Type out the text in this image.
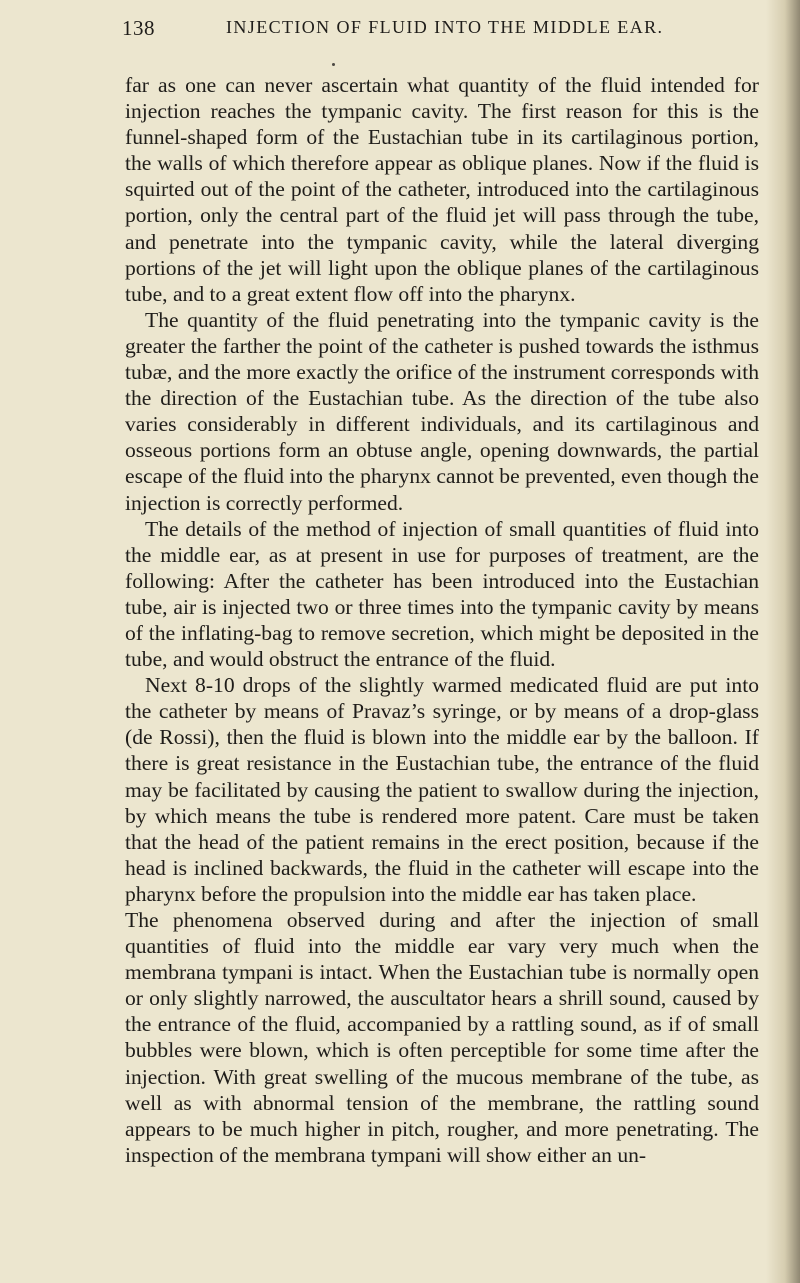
138	INJECTION OF FLUID INTO THE MIDDLE EAR.

far as one can never ascertain what quantity of the fluid intended for injection reaches the tympanic cavity. The first reason for this is the funnel-shaped form of the Eustachian tube in its cartilaginous portion, the walls of which therefore appear as oblique planes. Now if the fluid is squirted out of the point of the catheter, introduced into the cartilaginous portion, only the central part of the fluid jet will pass through the tube, and penetrate into the tympanic cavity, while the lateral diverging portions of the jet will light upon the oblique planes of the cartilaginous tube, and to a great extent flow off into the pharynx.

The quantity of the fluid penetrating into the tympanic cavity is the greater the farther the point of the catheter is pushed towards the isthmus tubæ, and the more exactly the orifice of the instrument corresponds with the direction of the Eustachian tube. As the direction of the tube also varies considerably in different individuals, and its cartilaginous and osseous portions form an obtuse angle, opening downwards, the partial escape of the fluid into the pharynx cannot be prevented, even though the injection is correctly performed.

The details of the method of injection of small quantities of fluid into the middle ear, as at present in use for purposes of treatment, are the following: After the catheter has been introduced into the Eustachian tube, air is injected two or three times into the tympanic cavity by means of the inflating-bag to remove secretion, which might be deposited in the tube, and would obstruct the entrance of the fluid.

Next 8-10 drops of the slightly warmed medicated fluid are put into the catheter by means of Pravaz’s syringe, or by means of a drop-glass (de Rossi), then the fluid is blown into the middle ear by the balloon. If there is great resistance in the Eustachian tube, the entrance of the fluid may be facilitated by causing the patient to swallow during the injection, by which means the tube is rendered more patent. Care must be taken that the head of the patient remains in the erect position, because if the head is inclined backwards, the fluid in the catheter will escape into the pharynx before the propulsion into the middle ear has taken place.

The phenomena observed during and after the injection of small quantities of fluid into the middle ear vary very much when the membrana tympani is intact. When the Eustachian tube is normally open or only slightly narrowed, the auscultator hears a shrill sound, caused by the entrance of the fluid, accompanied by a rattling sound, as if of small bubbles were blown, which is often perceptible for some time after the injection. With great swelling of the mucous membrane of the tube, as well as with abnormal tension of the membrane, the rattling sound appears to be much higher in pitch, rougher, and more penetrating. The inspection of the membrana tympani will show either an un-
